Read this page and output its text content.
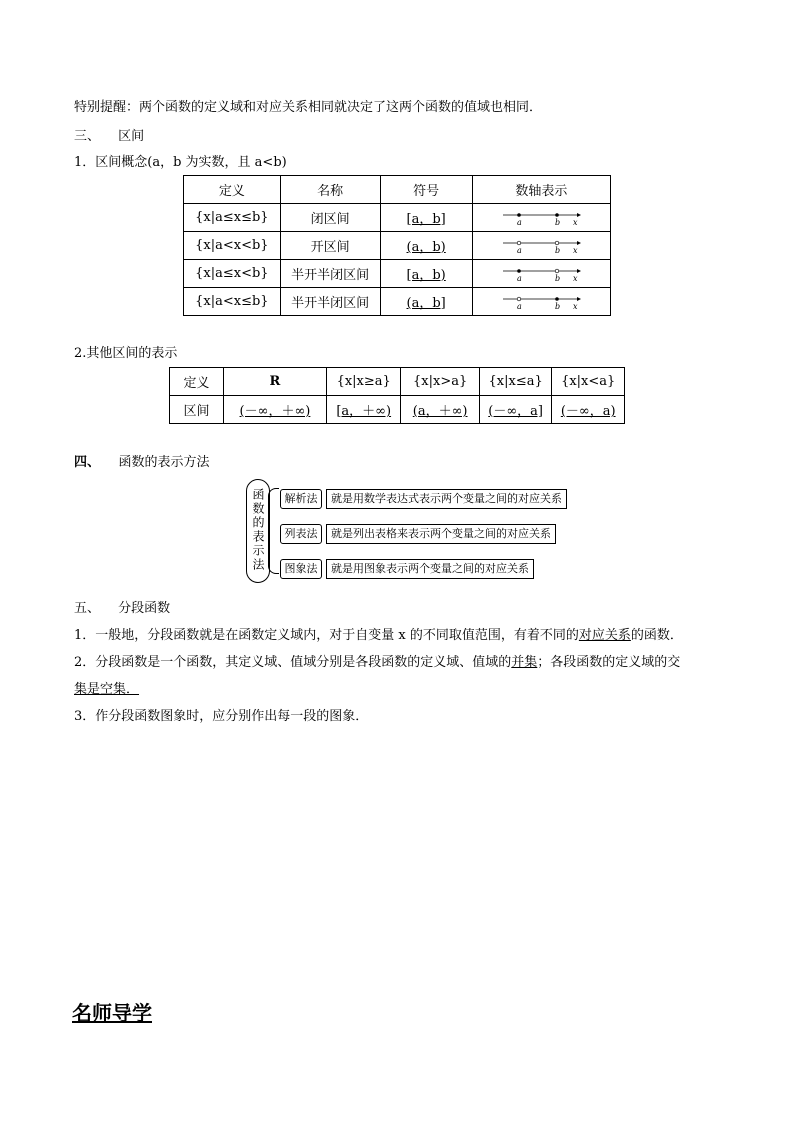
特别提醒：两个函数的定义域和对应关系相同就决定了这两个函数的值域也相同．
三、 区间
1．区间概念(a，b 为实数，且 a<b)
定义	名称	符号	数轴表示
{x|a≤x≤b}	闭区间	[a，b]	a b x

{x|a<x<b}	开区间	(a，b)	a b x

{x|a≤x<b}	半开半闭区间	[a，b)	a b x

{x|a<x≤b}	半开半闭区间	(a，b]	a b x
2.其他区间的表示
定义	R	{x|x≥a}	{x|x>a}	{x|x≤a}	{x|x<a}
区间	(－∞，＋∞)	[a，＋∞)	(a，＋∞)	(－∞，a]	(－∞，a)
四、 函数的表示方法
函数的表示法	解析法	就是用数学表达式表示两个变量之间的对应关系
列表法	就是列出表格来表示两个变量之间的对应关系
图象法	就是用图象表示两个变量之间的对应关系
五、 分段函数
1．一般地，分段函数就是在函数定义域内，对于自变量 x 的不同取值范围，有着不同的对应关系的函数．
2．分段函数是一个函数，其定义域、值域分别是各段函数的定义域、值域的并集；各段函数的定义域的交
集是空集．
3．作分段函数图象时，应分别作出每一段的图象．
名师导学
